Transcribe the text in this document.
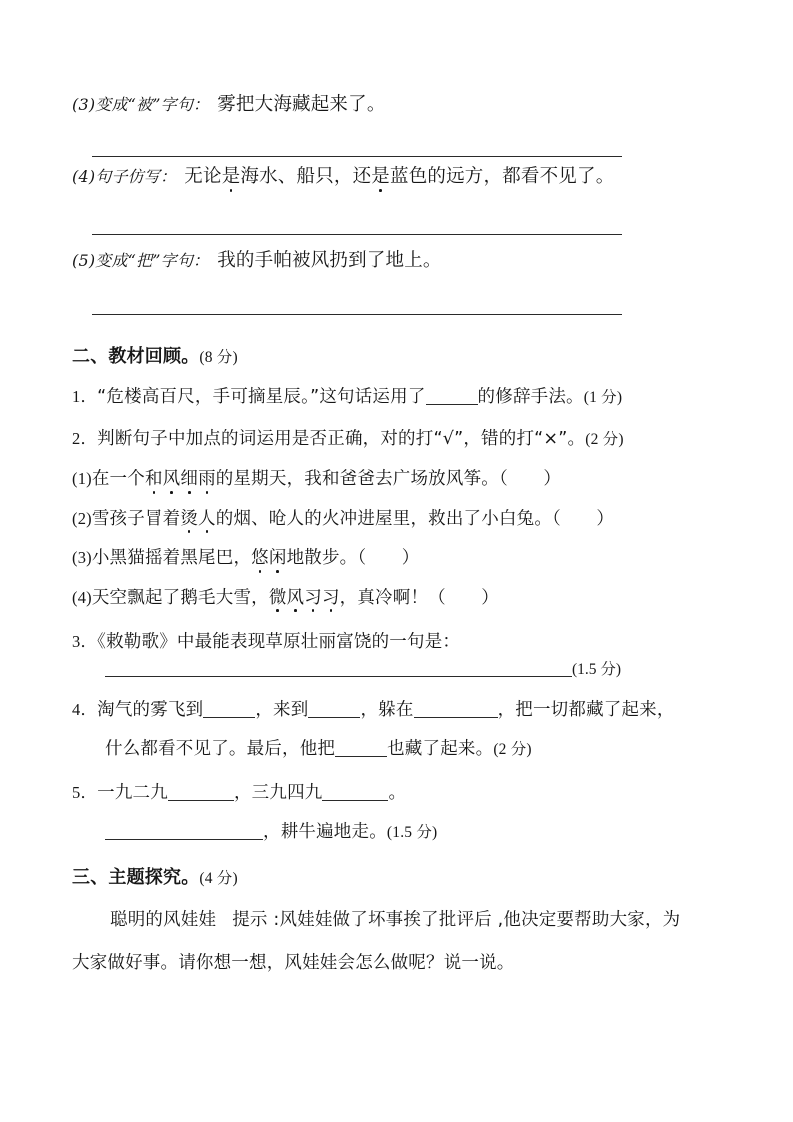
(3)变成“被”字句： 雾把大海藏起来了。
(4)句子仿写： 无论是海水、船只，还是蓝色的远方，都看不见了。
(5)变成“把”字句： 我的手帕被风扔到了地上。
二、教材回顾。(8 分)
1．“危楼高百尺，手可摘星辰。”这句话运用了	的修辞手法。(1 分)
2．判断句子中加点的词运用是否正确，对的打“√”，错的打“×”。(2 分)
(1)在一个和风细雨的星期天，我和爸爸去广场放风筝。（　　）
(2)雪孩子冒着烫人的烟、呛人的火冲进屋里，救出了小白兔。（　　）
(3)小黑猫摇着黑尾巴，悠闲地散步。（　　）
(4)天空飘起了鹅毛大雪，微风习习，真冷啊！（　　）
3．《敕勒歌》中最能表现草原壮丽富饶的一句是：
(1.5 分)
4．淘气的雾飞到	，来到	，躲在	，把一切都藏了起来，
什么都看不见了。最后，他把	也藏了起来。(2 分)
5．一九二九	，三九四九	。
，耕牛遍地走。(1.5 分)
三、主题探究。(4 分)
聪明的风娃娃 提示 :风娃娃做了坏事挨了批评后 ,他决定要帮助大家，为
大家做好事。请你想一想，风娃娃会怎么做呢？说一说。
